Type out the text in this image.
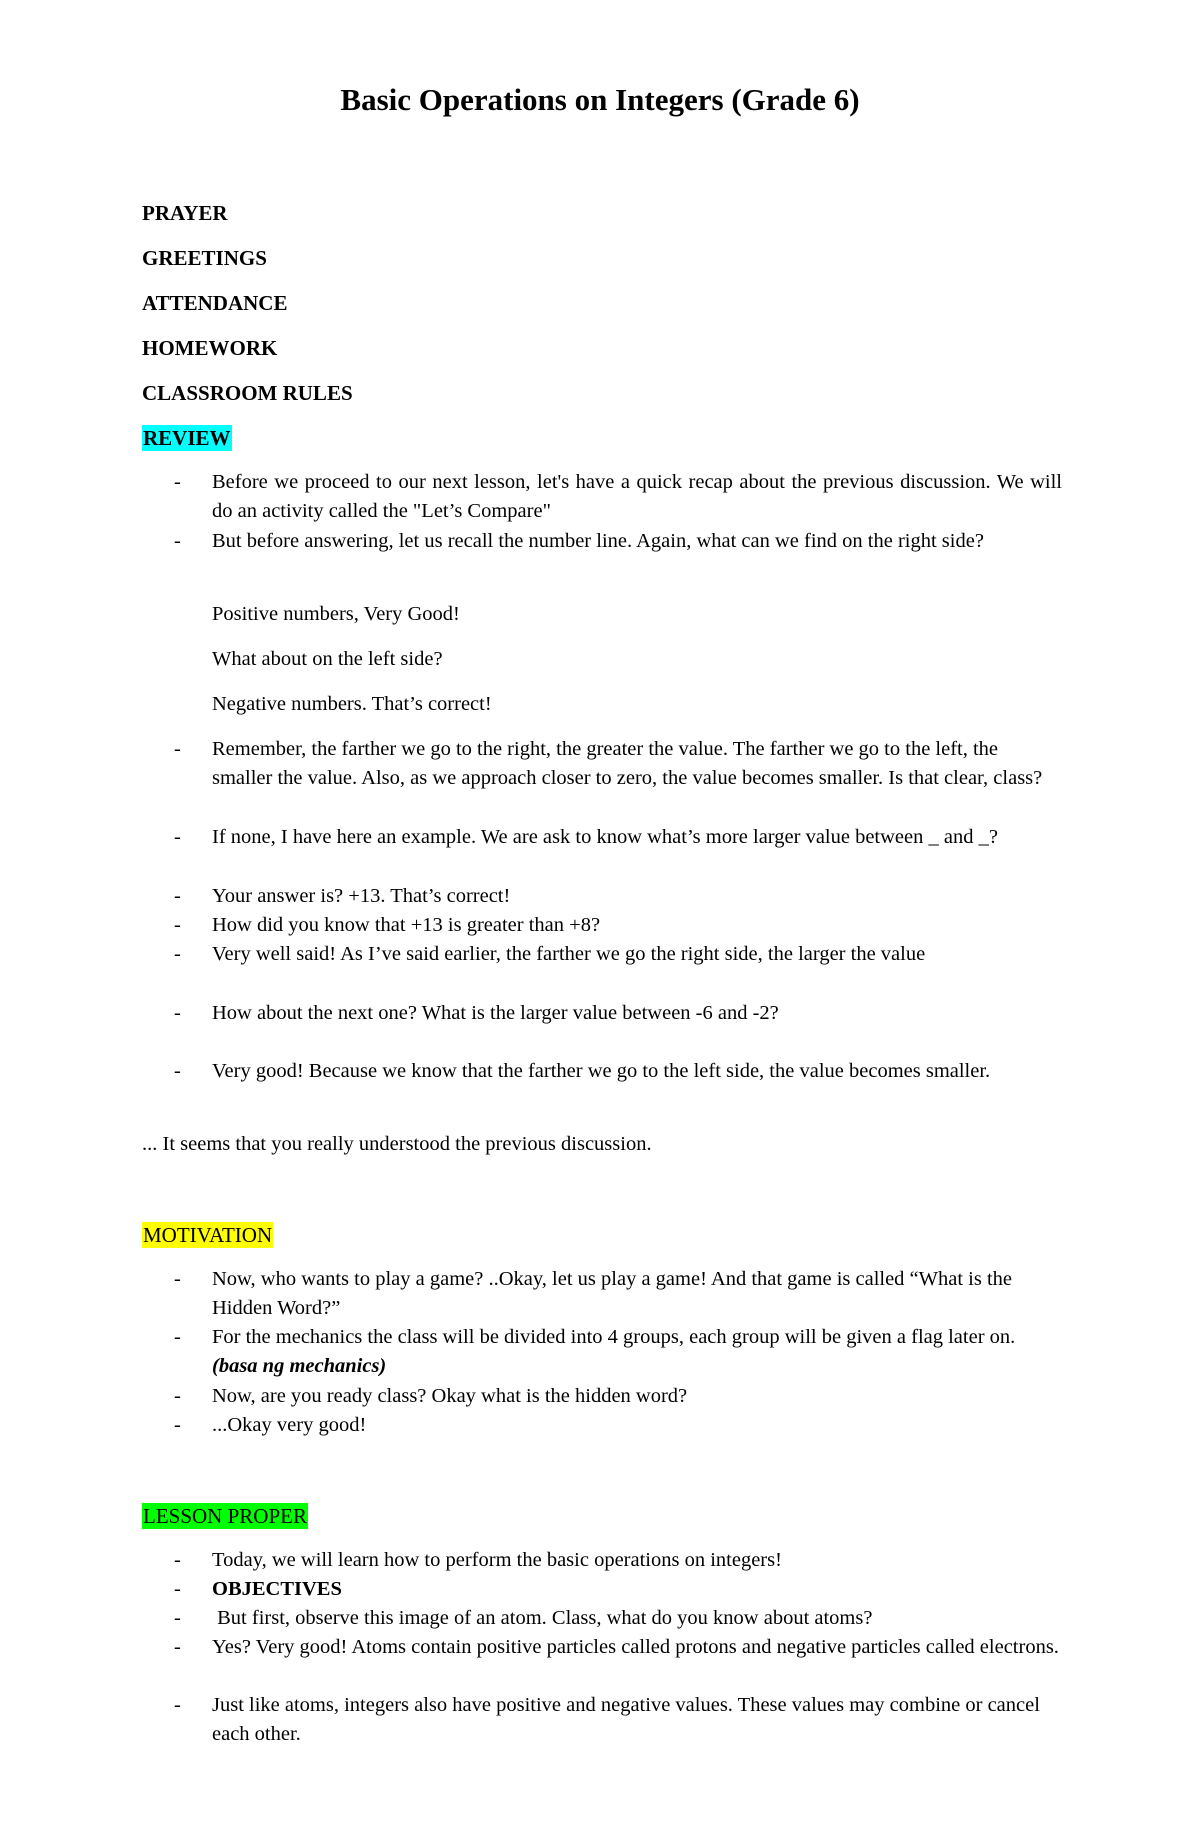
Basic Operations on Integers (Grade 6)
PRAYER
GREETINGS
ATTENDANCE
HOMEWORK
CLASSROOM RULES
REVIEW
- Before we proceed to our next lesson, let's have a quick recap about the previous discussion. We will do an activity called the "Let’s Compare"
- But before answering, let us recall the number line. Again, what can we find on the right side?
Positive numbers, Very Good!
What about on the left side?
Negative numbers. That’s correct!
- Remember, the farther we go to the right, the greater the value. The farther we go to the left, the smaller the value. Also, as we approach closer to zero, the value becomes smaller. Is that clear, class?
- If none, I have here an example. We are ask to know what’s more larger value between _ and _?
- Your answer is? +13. That’s correct!
- How did you know that +13 is greater than +8?
- Very well said! As I’ve said earlier, the farther we go the right side, the larger the value
- How about the next one? What is the larger value between -6 and -2?
- Very good! Because we know that the farther we go to the left side, the value becomes smaller.
... It seems that you really understood the previous discussion.
MOTIVATION
- Now, who wants to play a game? ..Okay, let us play a game! And that game is called “What is the Hidden Word?”
- For the mechanics the class will be divided into 4 groups, each group will be given a flag later on. (basa ng mechanics)
- Now, are you ready class? Okay what is the hidden word?
- ...Okay very good!
LESSON PROPER
- Today, we will learn how to perform the basic operations on integers!
- OBJECTIVES
- But first, observe this image of an atom. Class, what do you know about atoms?
- Yes? Very good! Atoms contain positive particles called protons and negative particles called electrons.
- Just like atoms, integers also have positive and negative values. These values may combine or cancel each other.
